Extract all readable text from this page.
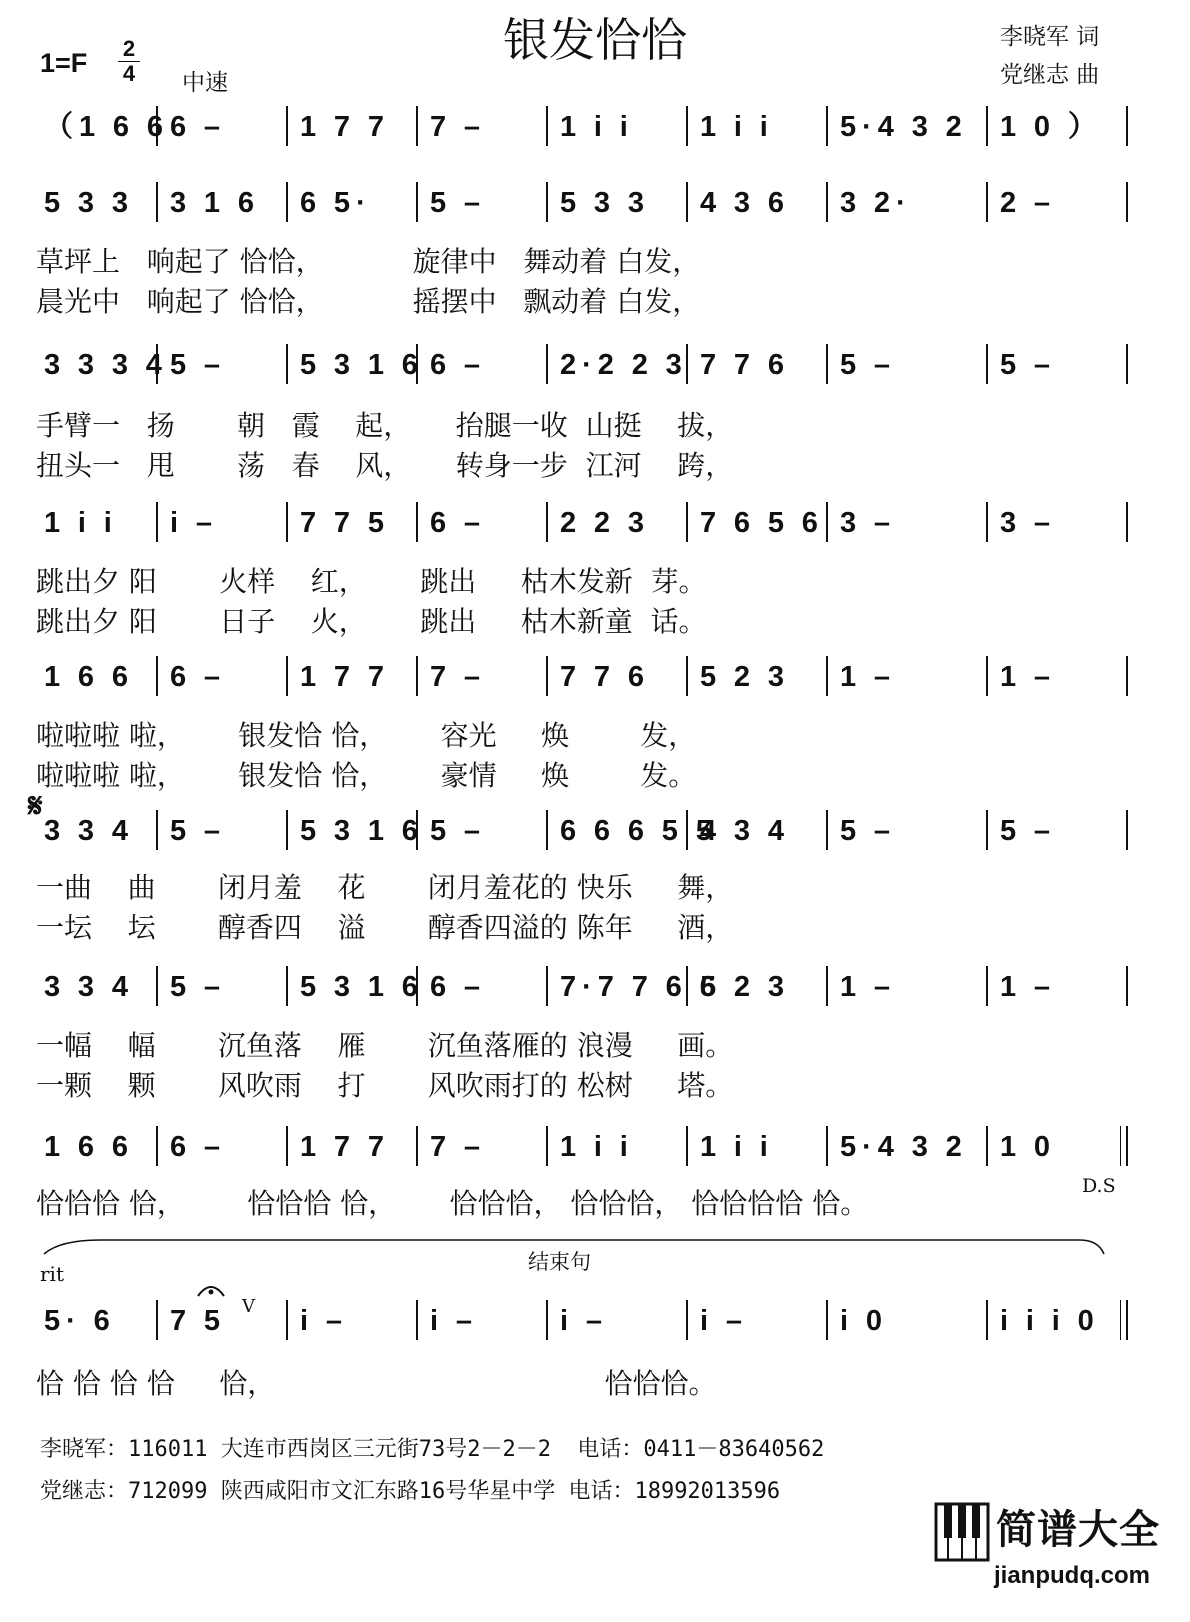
银发恰恰	李晓军 词
党继志 曲
1=F 2
4 中速
（1 6 6 6 –	1 7 7 7 –	1 i i 1 i i 5·4 3 2 1 0 ）
5 3 3 3 1 6 6 5· 5 –	5 3 3 4 3 6 3 2·	2 –
3 3 3 4 5 –	5 3 1 6 6 –	2·2 2 3 7 7 6 5 –	5 –
1 i i i –	7 7 5 6 –	2 2 3 7 6 5 6 3 –	3 –
1 6 6 6 –	1 7 7 7 –	7 7 6 5 2 3 1 –	1 –
3 3 4 5 –	5 3 1 6 5 –	6 6 6 5 5
4 3 4 5 –	5 –
3 3 4 5 –	5 3 1 6 6 –	7·7 7 6 6
5 2 3 1 –	1 –
1 6 6 6 –	1 7 7 7 –	1 i i 1 i i 5·4 3 2 1 0 
5· 6 7 5	i –	i –	i –	i –	i 0	i i i 0
𝄋
D.S
rit	结束句
V
草坪上   响起了 恰恰，          旋律中   舞动着 白发，
晨光中   响起了 恰恰，          摇摆中   飘动着 白发，
手臂一   扬       朝   霞    起，     抬腿一收  山挺    拔，
扭头一   甩       荡   春    风，     转身一步  江河    跨，
跳出夕 阳       火样    红，      跳出     枯木发新  芽。
跳出夕 阳       日子    火，      跳出     枯木新童  话。
啦啦啦 啦，      银发恰 恰，      容光     焕        发，
啦啦啦 啦，      银发恰 恰，      豪情     焕        发。
一曲    曲       闭月羞    花       闭月羞花的 快乐     舞，
一坛    坛       醇香四    溢       醇香四溢的 陈年     酒，
一幅    幅       沉鱼落    雁       沉鱼落雁的 浪漫     画。
一颗    颗       风吹雨    打       风吹雨打的 松树     塔。
恰恰恰 恰，       恰恰恰 恰，      恰恰恰， 恰恰恰， 恰恰恰恰 恰。
恰 恰 恰 恰     恰，                                     恰恰恰。
李晓军：116011 大连市西岗区三元街73号2－2－2  电话：0411－83640562
党继志：712099 陕西咸阳市文汇东路16号华星中学 电话：18992013596
简谱大全
jianpudq.com
